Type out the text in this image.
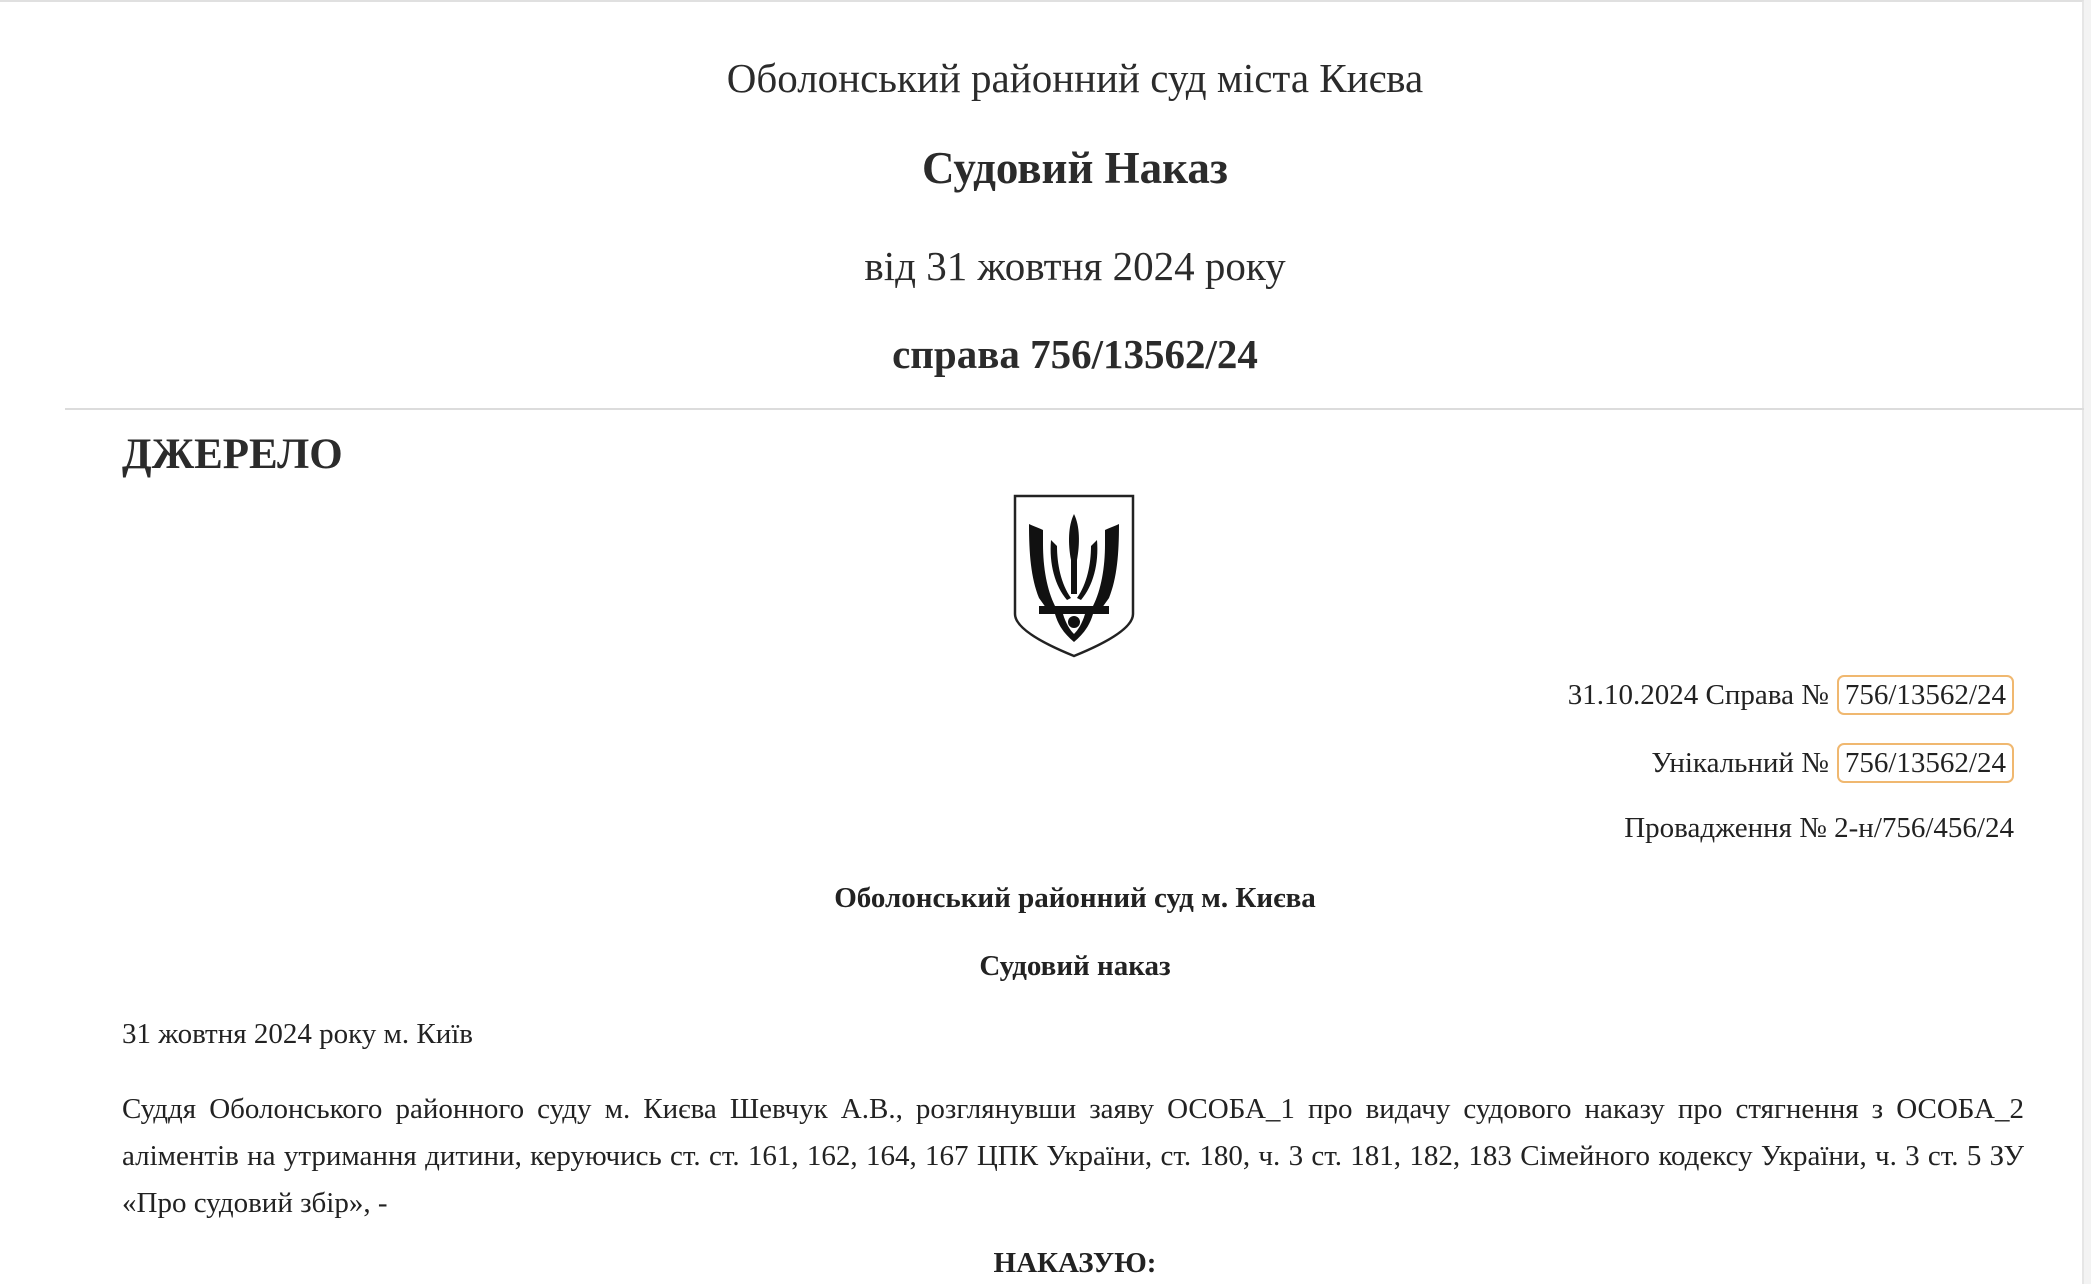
Оболонський районний суд міста Києва
Судовий Наказ
від 31 жовтня 2024 року
справа 756/13562/24
ДЖЕРЕЛО
31.10.2024 Справа № 756/13562/24
Унікальний № 756/13562/24
Провадження № 2-н/756/456/24
Оболонський районний суд м. Києва
Судовий наказ
31 жовтня 2024 року м. Київ

Суддя Оболонського районного суду м. Києва Шевчук А.В., розглянувши заяву ОСОБА_1 про видачу судового наказу про стягнення з ОСОБА_2 аліментів на утримання дитини, керуючись ст. ст. 161, 162, 164, 167 ЦПК України, ст. 180, ч. 3 ст. 181, 182, 183 Сімейного кодексу України, ч. 3 ст. 5 ЗУ «Про судовий збір», -

НАКАЗУЮ:
